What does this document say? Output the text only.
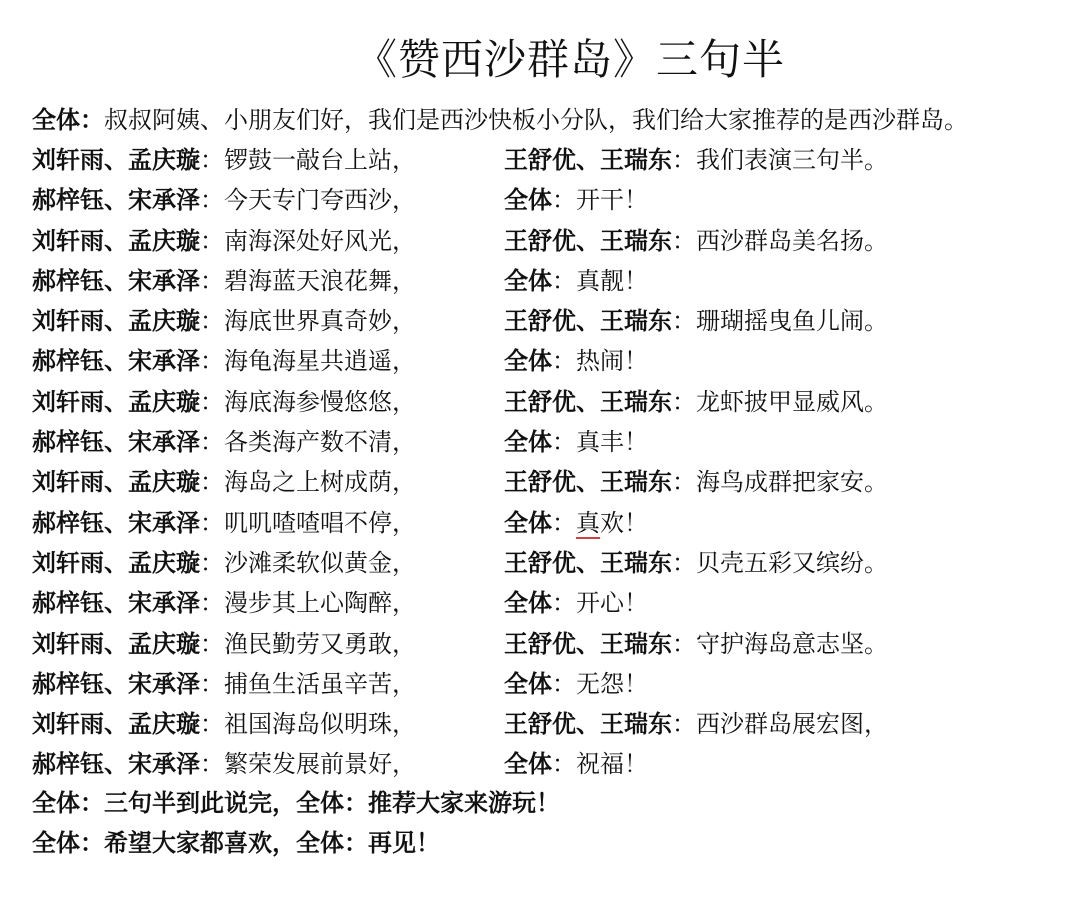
《赞西沙群岛》三句半
全体：叔叔阿姨、小朋友们好，我们是西沙快板小分队，我们给大家推荐的是西沙群岛。
刘轩雨、孟庆璇：锣鼓一敲台上站，	王舒优、王瑞东：我们表演三句半。
郝梓钰、宋承泽：今天专门夸西沙，	全体：开干！
刘轩雨、孟庆璇：南海深处好风光，	王舒优、王瑞东：西沙群岛美名扬。
郝梓钰、宋承泽：碧海蓝天浪花舞，	全体：真靓！
刘轩雨、孟庆璇：海底世界真奇妙，	王舒优、王瑞东：珊瑚摇曳鱼儿闹。
郝梓钰、宋承泽：海龟海星共逍遥，	全体：热闹！
刘轩雨、孟庆璇：海底海参慢悠悠，	王舒优、王瑞东：龙虾披甲显威风。
郝梓钰、宋承泽：各类海产数不清，	全体：真丰！
刘轩雨、孟庆璇：海岛之上树成荫，	王舒优、王瑞东：海鸟成群把家安。
郝梓钰、宋承泽：叽叽喳喳唱不停，	全体：真欢！
刘轩雨、孟庆璇：沙滩柔软似黄金，	王舒优、王瑞东：贝壳五彩又缤纷。
郝梓钰、宋承泽：漫步其上心陶醉，	全体：开心！
刘轩雨、孟庆璇：渔民勤劳又勇敢，	王舒优、王瑞东：守护海岛意志坚。
郝梓钰、宋承泽：捕鱼生活虽辛苦，	全体：无怨！
刘轩雨、孟庆璇：祖国海岛似明珠，	王舒优、王瑞东：西沙群岛展宏图，
郝梓钰、宋承泽：繁荣发展前景好，	全体：祝福！
全体：三句半到此说完，全体：推荐大家来游玩！
全体：希望大家都喜欢，全体：再见！
